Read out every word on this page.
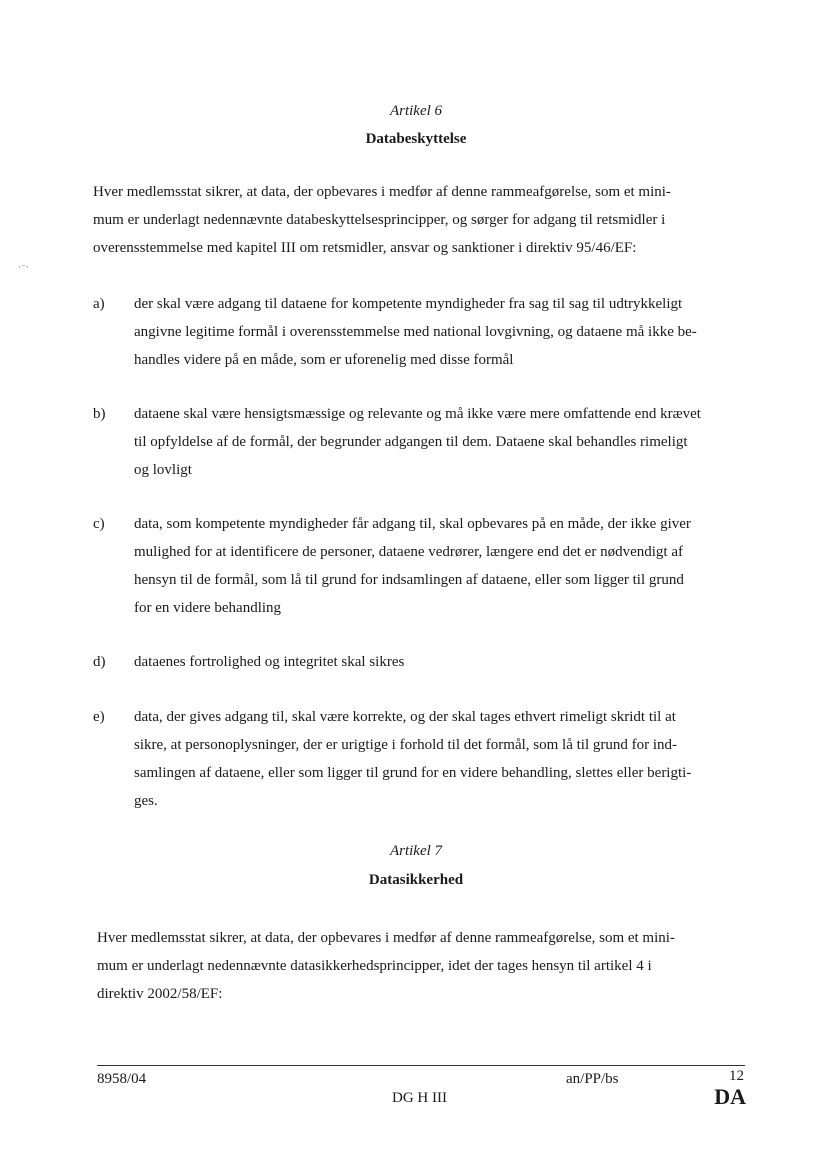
Artikel 6
Databeskyttelse
Hver medlemsstat sikrer, at data, der opbevares i medfør af denne rammeafgørelse, som et mini-
mum er underlagt nedennævnte databeskyttelsesprincipper, og sørger for adgang til retsmidler i
overensstemmelse med kapitel III om retsmidler, ansvar og sanktioner i direktiv 95/46/EF:
·⁻·
a) der skal være adgang til dataene for kompetente myndigheder fra sag til sag til udtrykkeligt
angivne legitime formål i overensstemmelse med national lovgivning, og dataene må ikke be-
handles videre på en måde, som er uforenelig med disse formål
b) dataene skal være hensigtsmæssige og relevante og må ikke være mere omfattende end krævet
til opfyldelse af de formål, der begrunder adgangen til dem. Dataene skal behandles rimeligt
og lovligt
c) data, som kompetente myndigheder får adgang til, skal opbevares på en måde, der ikke giver
mulighed for at identificere de personer, dataene vedrører, længere end det er nødvendigt af
hensyn til de formål, som lå til grund for indsamlingen af dataene, eller som ligger til grund
for en videre behandling
d) dataenes fortrolighed og integritet skal sikres
e) data, der gives adgang til, skal være korrekte, og der skal tages ethvert rimeligt skridt til at
sikre, at personoplysninger, der er urigtige i forhold til det formål, som lå til grund for ind-
samlingen af dataene, eller som ligger til grund for en videre behandling, slettes eller berigti-
ges.
Artikel 7
Datasikkerhed
Hver medlemsstat sikrer, at data, der opbevares i medfør af denne rammeafgørelse, som et mini-
mum er underlagt nedennævnte datasikkerhedsprincipper, idet der tages hensyn til artikel 4 i
direktiv 2002/58/EF:
8958/04	an/PP/bs	12
DG H III	DA
